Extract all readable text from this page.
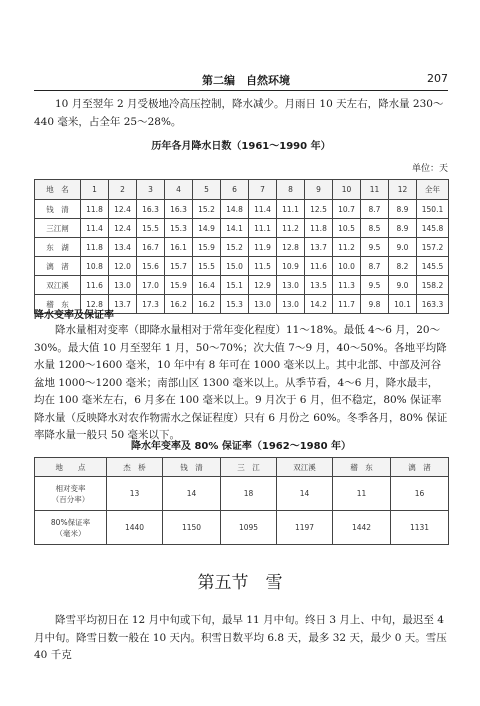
第二编　自然环境	207

10 月至翌年 2 月受极地冷高压控制，降水减少。月雨日 10 天左右，降水量 230～440 毫米，占全年 25～28%。

历年各月降水日数（1961～1990 年）
单位：天
地　名	1	2	3	4	5	6	7	8	9	10	11	12	全年
钱　清	11.8	12.4	16.3	16.3	15.2	14.8	11.4	11.1	12.5	10.7	8.7	8.9	150.1
三江闸	11.4	12.4	15.5	15.3	14.9	14.1	11.1	11.2	11.8	10.5	8.5	8.9	145.8
东　湖	11.8	13.4	16.7	16.1	15.9	15.2	11.9	12.8	13.7	11.2	9.5	9.0	157.2
漓　渚	10.8	12.0	15.6	15.7	15.5	15.0	11.5	10.9	11.6	10.0	8.7	8.2	145.5
双江溪	11.6	13.0	17.0	15.9	16.4	15.1	12.9	13.0	13.5	11.3	9.5	9.0	158.2
稽　东	12.8	13.7	17.3	16.2	16.2	15.3	13.0	13.0	14.2	11.7	9.8	10.1	163.3
降水变率及保证率

降水量相对变率（即降水量相对于常年变化程度）11～18%。最低 4～6 月，20～30%。最大值 10 月至翌年 1 月，50～70%；次大值 7～9 月，40～50%。各地平均降水量 1200～1600 毫米，10 年中有 8 年可在 1000 毫米以上。其中北部、中部及河谷盆地 1000～1200 毫米；南部山区 1300 毫米以上。从季节看，4～6 月，降水最丰，均在 100 毫米左右，6 月多在 100 毫米以上。9 月次于 6 月，但不稳定，80% 保证率降水量（反映降水对农作物需水之保证程度）只有 6 月份之 60%。冬季各月，80% 保证率降水量一般只 50 毫米以下。

降水年变率及 80% 保证率（1962～1980 年）
地　　点	杰　桥	钱　清	三　江	双江溪	稽　东	漓　渚
相对变率
（百分率）	13	14	18	14	11	16
80%保证率
（毫米）	1440	1150	1095	1197	1442	1131
第五节　雪

降雪平均初日在 12 月中旬或下旬，最早 11 月中旬。终日 3 月上、中旬，最迟至 4 月中旬。降雪日数一般在 10 天内。积雪日数平均 6.8 天，最多 32 天，最少 0 天。雪压 40 千克
